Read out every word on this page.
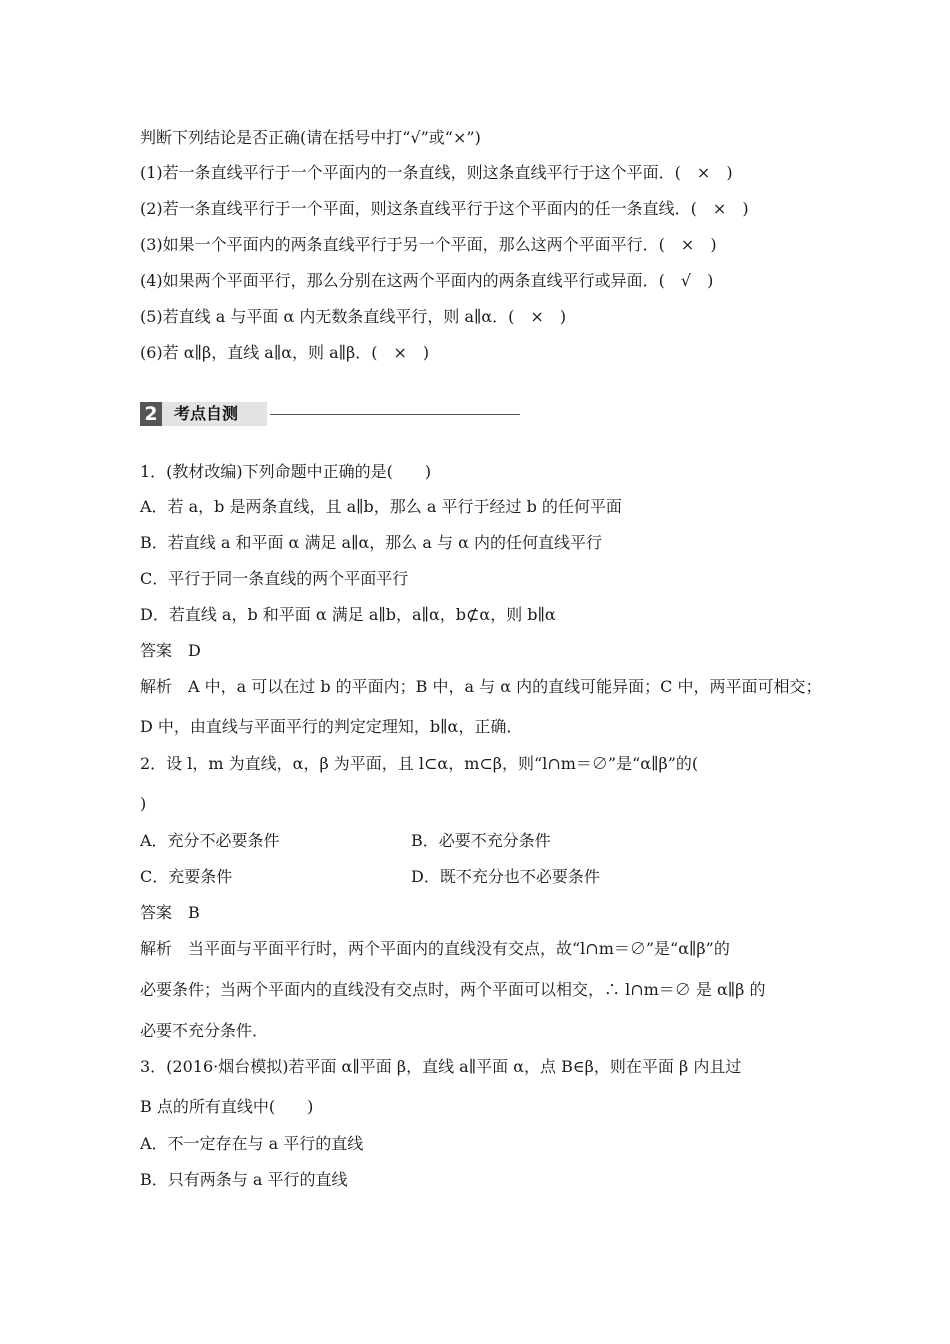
判断下列结论是否正确(请在括号中打“√”或“×”)
(1)若一条直线平行于一个平面内的一条直线，则这条直线平行于这个平面．(　×　)
(2)若一条直线平行于一个平面，则这条直线平行于这个平面内的任一条直线．(　×　)
(3)如果一个平面内的两条直线平行于另一个平面，那么这两个平面平行．(　×　)
(4)如果两个平面平行，那么分别在这两个平面内的两条直线平行或异面．(　√　)
(5)若直线 a 与平面 α 内无数条直线平行，则 a∥α．(　×　)
(6)若 α∥β，直线 a∥α，则 a∥β．(　×　)
2	考点自测
1．(教材改编)下列命题中正确的是(　　)
A．若 a，b 是两条直线，且 a∥b，那么 a 平行于经过 b 的任何平面
B．若直线 a 和平面 α 满足 a∥α，那么 a 与 α 内的任何直线平行
C．平行于同一条直线的两个平面平行
D．若直线 a，b 和平面 α 满足 a∥b，a∥α，b⊄α，则 b∥α
答案　D
解析　A 中，a 可以在过 b 的平面内；B 中，a 与 α 内的直线可能异面；C 中，两平面可相交；
D 中，由直线与平面平行的判定定理知，b∥α，正确．
2．设 l，m 为直线，α，β 为平面，且 l⊂α，m⊂β，则“l∩m＝∅”是“α∥β”的(
)
A．充分不必要条件	B．必要不充分条件
C．充要条件	D．既不充分也不必要条件
答案　B
解析　当平面与平面平行时，两个平面内的直线没有交点，故“l∩m＝∅”是“α∥β”的
必要条件；当两个平面内的直线没有交点时，两个平面可以相交，∴ l∩m＝∅ 是 α∥β 的
必要不充分条件．
3．(2016·烟台模拟)若平面 α∥平面 β，直线 a∥平面 α，点 B∈β，则在平面 β 内且过
B 点的所有直线中(　　)
A．不一定存在与 a 平行的直线
B．只有两条与 a 平行的直线
